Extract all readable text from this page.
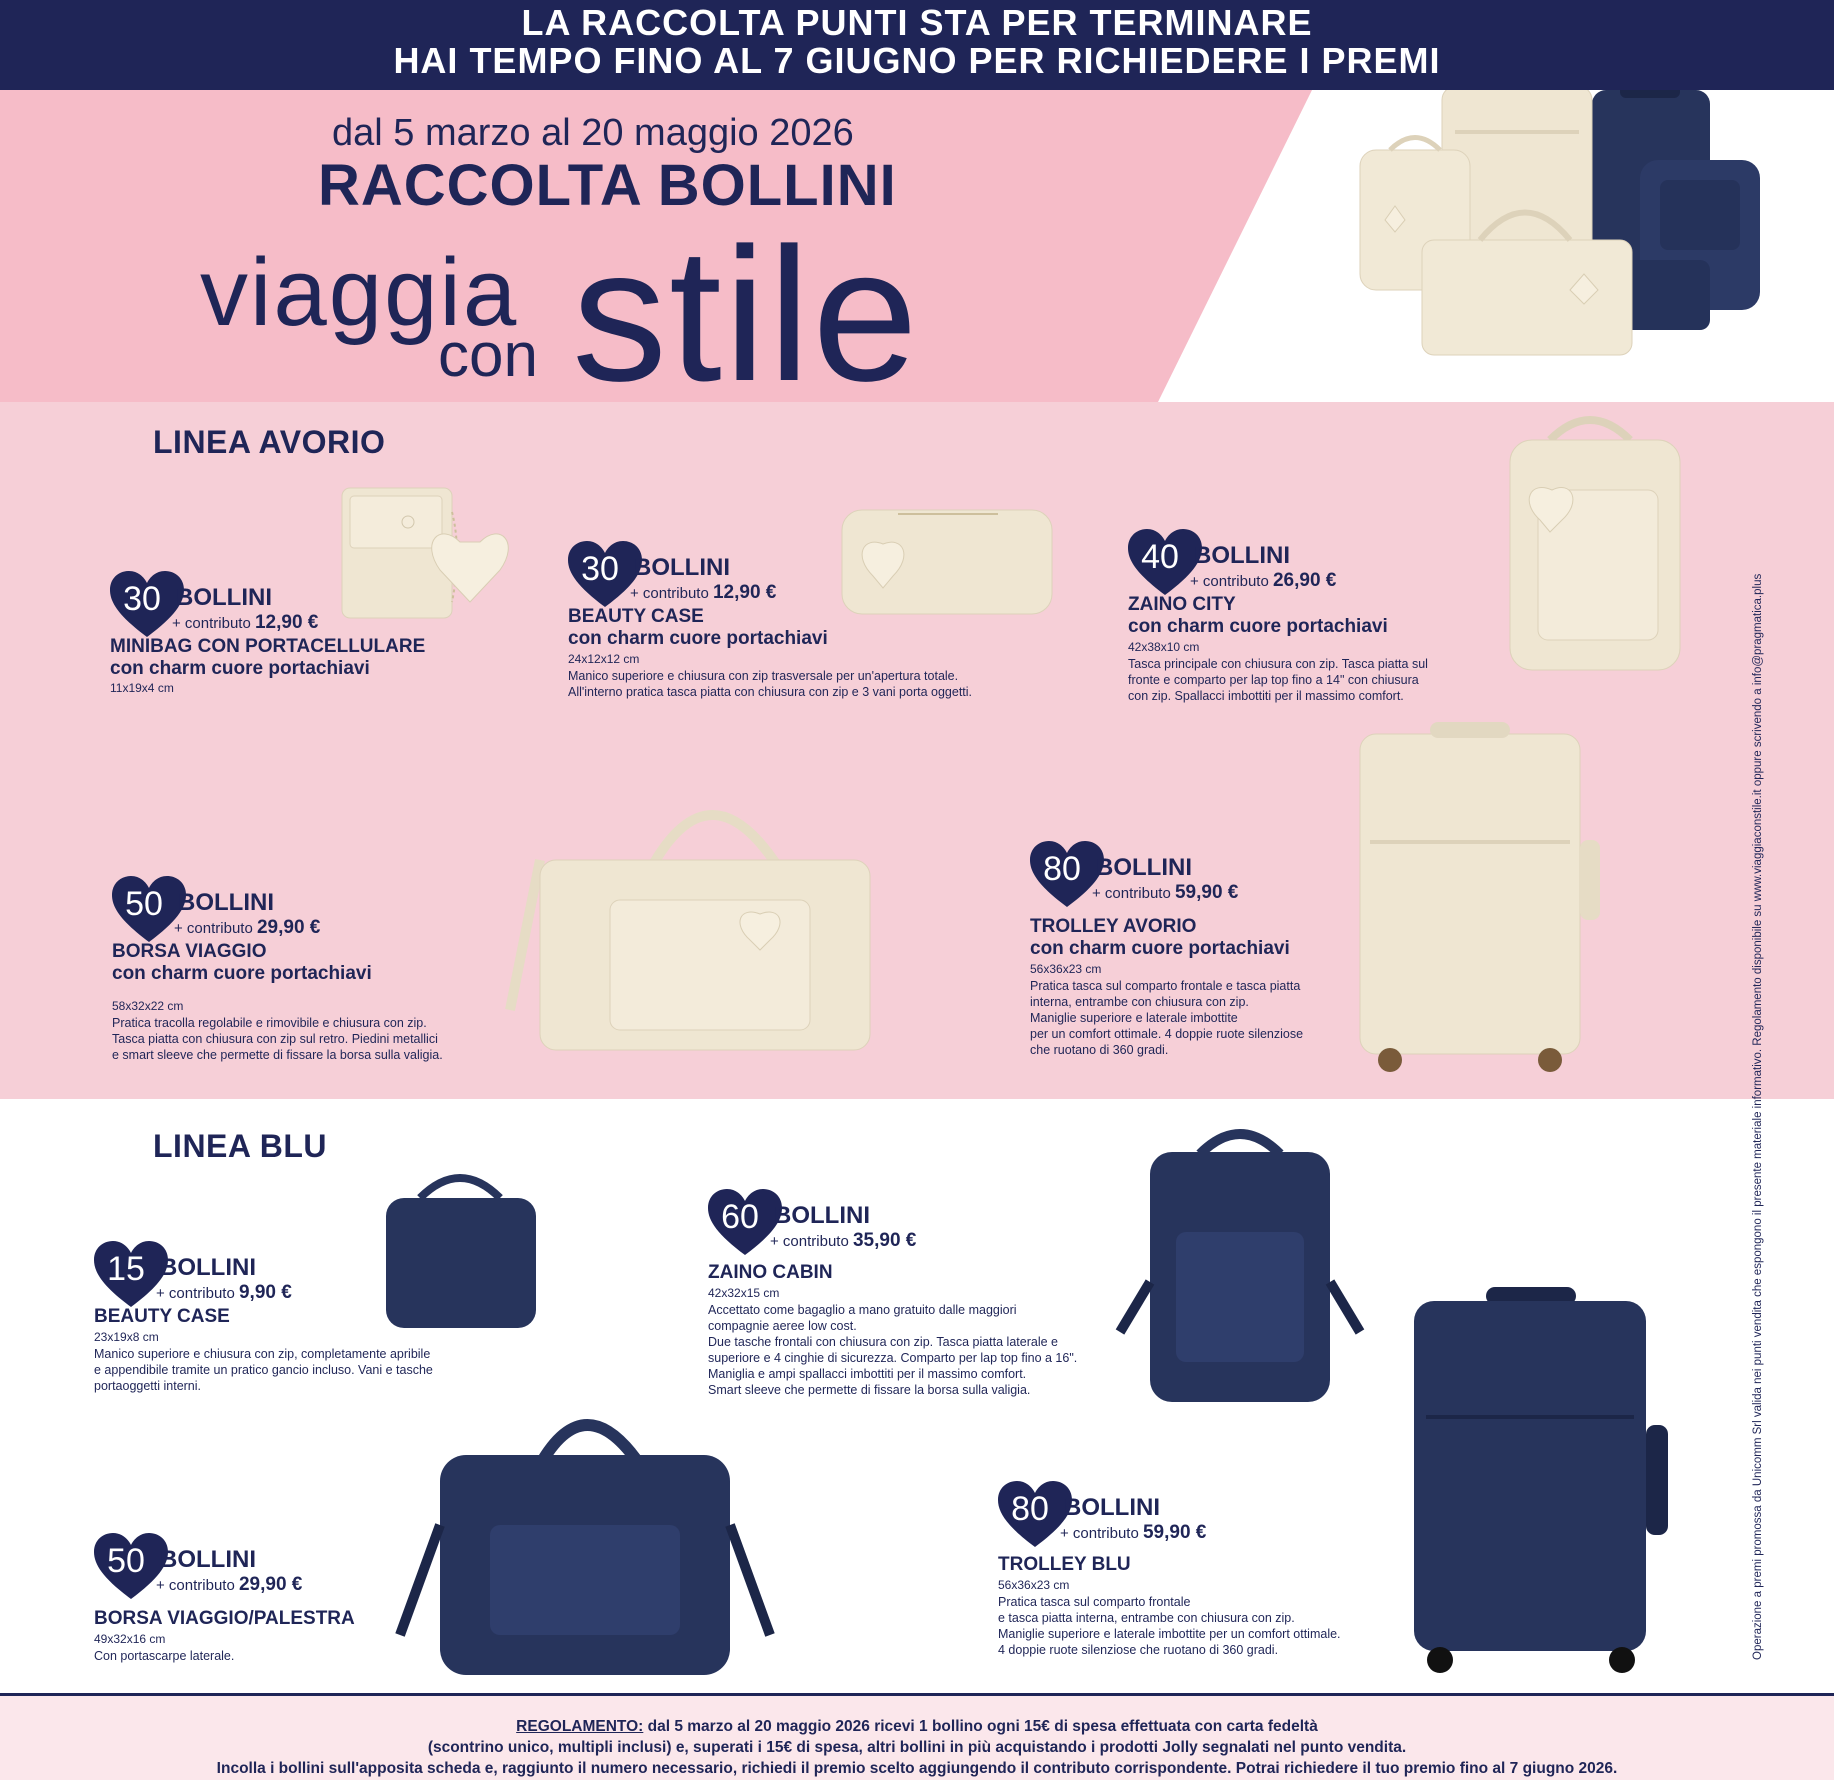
LA RACCOLTA PUNTI STA PER TERMINARE
HAI TEMPO FINO AL 7 GIUGNO PER RICHIEDERE I PREMI
dal 5 marzo al 20 maggio 2026
RACCOLTA BOLLINI
viaggia
con stile
LINEA AVORIO
LINEA BLU
30 BOLLINI
+ contributo 12,90 €
MINIBAG CON PORTACELLULARE
con charm cuore portachiavi
11x19x4 cm
30 BOLLINI
+ contributo 12,90 €
BEAUTY CASE
con charm cuore portachiavi
24x12x12 cm
Manico superiore e chiusura con zip trasversale per un'apertura totale.
All'interno pratica tasca piatta con chiusura con zip e 3 vani porta oggetti.
40 BOLLINI
+ contributo 26,90 €
ZAINO CITY
con charm cuore portachiavi
42x38x10 cm
Tasca principale con chiusura con zip. Tasca piatta sul
fronte e comparto per lap top fino a 14" con chiusura
con zip. Spallacci imbottiti per il massimo comfort.
50 BOLLINI
+ contributo 29,90 €
BORSA VIAGGIO
con charm cuore portachiavi
58x32x22 cm
Pratica tracolla regolabile e rimovibile e chiusura con zip.
Tasca piatta con chiusura con zip sul retro. Piedini metallici
e smart sleeve che permette di fissare la borsa sulla valigia.
80 BOLLINI
+ contributo 59,90 €
TROLLEY AVORIO
con charm cuore portachiavi
56x36x23 cm
Pratica tasca sul comparto frontale e tasca piatta
interna, entrambe con chiusura con zip.
Maniglie superiore e laterale imbottite
per un comfort ottimale. 4 doppie ruote silenziose
che ruotano di 360 gradi.
15 BOLLINI
+ contributo 9,90 €
BEAUTY CASE
23x19x8 cm
Manico superiore e chiusura con zip, completamente apribile
e appendibile tramite un pratico gancio incluso. Vani e tasche
portaoggetti interni.
60 BOLLINI
+ contributo 35,90 €
ZAINO CABIN
42x32x15 cm
Accettato come bagaglio a mano gratuito dalle maggiori
compagnie aeree low cost.
Due tasche frontali con chiusura con zip. Tasca piatta laterale e
superiore e 4 cinghie di sicurezza. Comparto per lap top fino a 16".
Maniglia e ampi spallacci imbottiti per il massimo comfort.
Smart sleeve che permette di fissare la borsa sulla valigia.
50 BOLLINI
+ contributo 29,90 €
BORSA VIAGGIO/PALESTRA
49x32x16 cm
Con portascarpe laterale.
80 BOLLINI
+ contributo 59,90 €
TROLLEY BLU
56x36x23 cm
Pratica tasca sul comparto frontale
e tasca piatta interna, entrambe con chiusura con zip.
Maniglie superiore e laterale imbottite per un comfort ottimale.
4 doppie ruote silenziose che ruotano di 360 gradi.	Operazione a premi promossa da Unicomm Srl valida nei punti vendita che espongono il presente materiale informativo. Regolamento disponibile su www.viaggiaconstile.it oppure scrivendo a info@pragmatica.plus
REGOLAMENTO: dal 5 marzo al 20 maggio 2026 ricevi 1 bollino ogni 15€ di spesa effettuata con carta fedeltà
(scontrino unico, multipli inclusi) e, superati i 15€ di spesa, altri bollini in più acquistando i prodotti Jolly segnalati nel punto vendita.
Incolla i bollini sull'apposita scheda e, raggiunto il numero necessario, richiedi il premio scelto aggiungendo il contributo corrispondente. Potrai richiedere il tuo premio fino al 7 giugno 2026.
